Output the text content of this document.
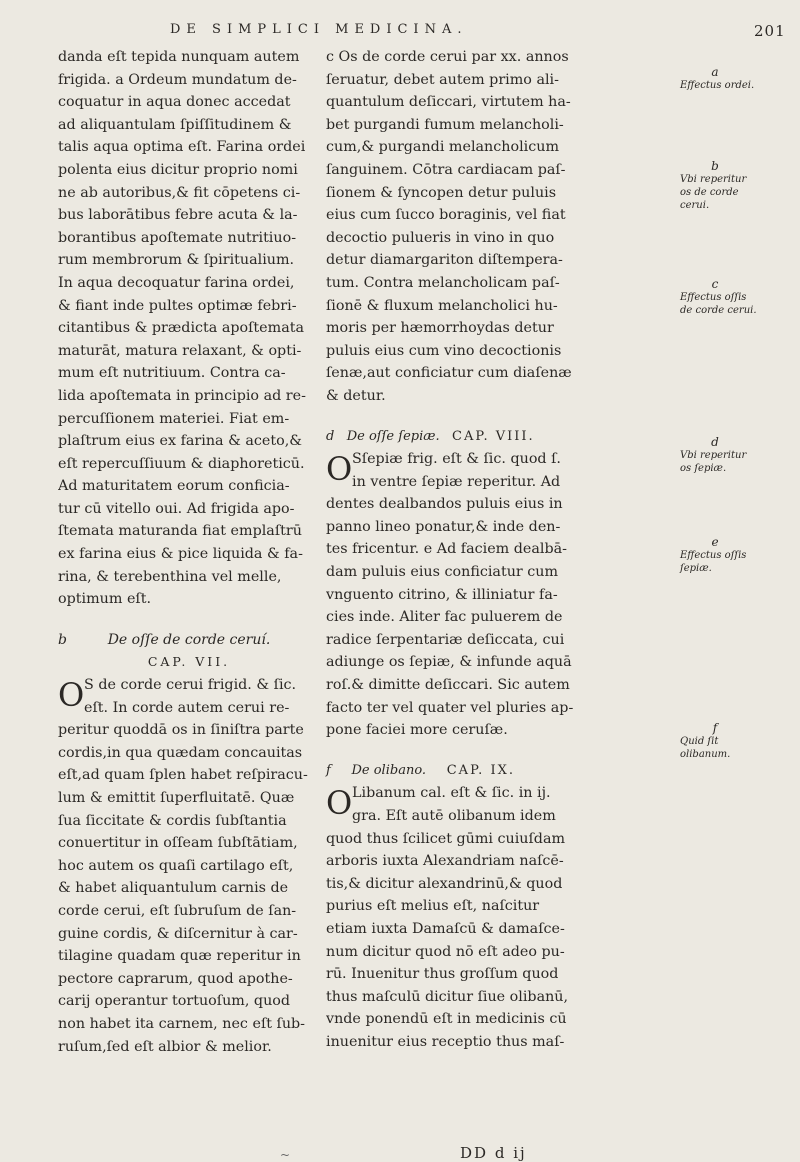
DE SIMPLICI MEDICINA.	201
danda eſt tepida nunquam autem
frigida. a Ordeum mundatum de-
coquatur in aqua donec accedat
ad aliquantulam ſpiſſitudinem &
talis aqua optima eſt. Farina ordei
polenta eius dicitur proprio nomi
ne ab autoribus,& fit cōpetens ci-
bus laborātibus febre acuta & la-
borantibus apoſtemate nutritiuo-
rum membrorum & ſpiritualium.
In aqua decoquatur farina ordei,
& fiant inde pultes optimæ febri-
citantibus & prædicta apoſtemata
maturāt, matura relaxant, & opti-
mum eſt nutritiuum. Contra ca-
lida apoſtemata in principio ad re-
percuſſionem materiei. Fiat em-
plaſtrum eius ex farina & aceto,&
eſt repercuſſiuum & diaphoreticū.
Ad maturitatem eorum conficia-
tur cū vitello oui. Ad frigida apo-
ſtemata maturanda fiat emplaſtrū
ex farina eius & pice liquida & fa-
rina, & terebenthina vel melle,
optimum eſt.
b	De oſſe de corde ceruí.
CAP. VII.
O S de corde cerui frigid. & ſic.
eſt. In corde autem cerui re-
peritur quoddā os in ſiniſtra parte
cordis,in qua quædam concauitas
eſt,ad quam ſplen habet reſpiracu-
lum & emittit ſuperfluitatē. Quæ
ſua ſiccitate & cordis ſubſtantia
conuertitur in oſſeam ſubſtātiam,
hoc autem os quaſi cartilago eſt,
& habet aliquantulum carnis de
corde cerui, eſt ſubruſum de ſan-
guine cordis, & diſcernitur à car-
tilagine quadam quæ reperitur in
pectore caprarum, quod apothe-
carij operantur tortuoſum, quod
non habet ita carnem, nec eſt ſub-
ruſum,ſed eſt albior & melior.
c Os de corde cerui par xx. annos
ſeruatur, debet autem primo ali-
quantulum deſiccari, virtutem ha-
bet purgandi fumum melancholi-
cum,& purgandi melancholicum
ſanguinem. Cōtra cardiacam paſ-
ſionem & ſyncopen detur puluis
eius cum ſucco boraginis, vel fiat
decoctio pulueris in vino in quo
detur diamargariton diſtempera-
tum. Contra melancholicam paſ-
ſionē & fluxum melancholici hu-
moris per hæmorrhoydas detur
puluis eius cum vino decoctionis
ſenæ,aut conficiatur cum diaſenæ
& detur.
d De oſſe ſepiæ. CAP. VIII.
O Sſepiæ frig. eſt & ſic. quod ſ.
in ventre ſepiæ reperitur. Ad
dentes dealbandos puluis eius in
panno lineo ponatur,& inde den-
tes fricentur. e Ad faciem dealbā-
dam puluis eius conficiatur cum
vnguento citrino, & illiniatur fa-
cies inde. Aliter fac puluerem de
radice ſerpentariæ deſiccata, cui
adiunge os ſepiæ, & infunde aquā
roſ.& dimitte deſiccari. Sic autem
facto ter vel quater vel pluries ap-
pone faciei more ceruſæ.
f De olibano. CAP. IX.
O Libanum cal. eſt & ſic. in ij.
gra. Eſt autē olibanum idem
quod thus ſcilicet gūmi cuiuſdam
arboris iuxta Alexandriam naſcē-
tis,& dicitur alexandrinū,& quod
purius eſt melius eſt, naſcitur
etiam iuxta Damaſcū & damaſce-
num dicitur quod nō eſt adeo pu-
rū. Inuenitur thus groſſum quod
thus maſculū dicitur ſiue olibanū,
vnde ponendū eſt in medicinis cū
inuenitur eius receptio thus maſ-
a
Effectus ordei.
b
Vbi reperitur os de corde cerui.
c
Effectus oſſis de corde cerui.
d
Vbi reperitur os ſepiæ.
e
Effectus oſſis ſepiæ.
f
Quid ſit olibanum.
~	DD d ij
